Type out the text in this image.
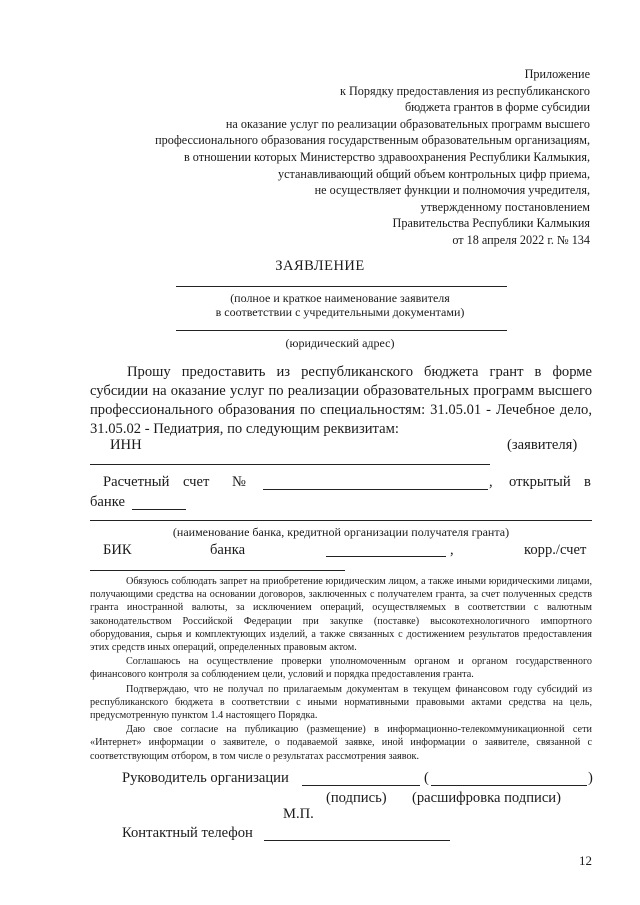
Приложение
к Порядку предоставления из республиканского
бюджета грантов в форме субсидии
на оказание услуг по реализации образовательных программ высшего
профессионального образования государственным образовательным организациям,
в отношении которых Министерство здравоохранения Республики Калмыкия,
устанавливающий общий объем контрольных цифр приема,
не осуществляет функции и полномочия учредителя,
утвержденному постановлением
Правительства Республики Калмыкия
от 18 апреля 2022 г. № 134
ЗАЯВЛЕНИЕ
(полное и краткое наименование заявителя
в соответствии с учредительными документами)
(юридический адрес)

Прошу предоставить из республиканского бюджета грант в форме субсидии на оказание услуг по реализации образовательных программ высшего профессионального образования по специальностям: 31.05.01 - Лечебное дело, 31.05.02 - Педиатрия, по следующим реквизитам:

ИНН	(заявителя)
Расчетный счет №	, открытый в
банке
(наименование банка, кредитной организации получателя гранта)
БИК	банка	,	корр./счет

Обязуюсь соблюдать запрет на приобретение юридическим лицом, а также иными юридическими лицами, получающими средства на основании договоров, заключенных с получателем гранта, за счет полученных средств гранта иностранной валюты, за исключением операций, осуществляемых в соответствии с валютным законодательством Российской Федерации при закупке (поставке) высокотехнологичного импортного оборудования, сырья и комплектующих изделий, а также связанных с достижением результатов предоставления этих средств иных операций, определенных правовым актом.

Соглашаюсь на осуществление проверки уполномоченным органом и органом государственного финансового контроля за соблюдением цели, условий и порядка предоставления гранта.

Подтверждаю, что не получал по прилагаемым документам в текущем финансовом году субсидий из республиканского бюджета в соответствии с иными нормативными правовыми актами средства на цель, предусмотренную пунктом 1.4 настоящего Порядка.

Даю свое согласие на публикацию (размещение) в информационно-телекоммуникационной сети «Интернет» информации о заявителе, о подаваемой заявке, иной информации о заявителе, связанной с соответствующим отбором, в том числе о результатах рассмотрения заявок.

Руководитель организации	(	)
(подпись) (расшифровка подписи)
М.П.
Контактный телефон
12
